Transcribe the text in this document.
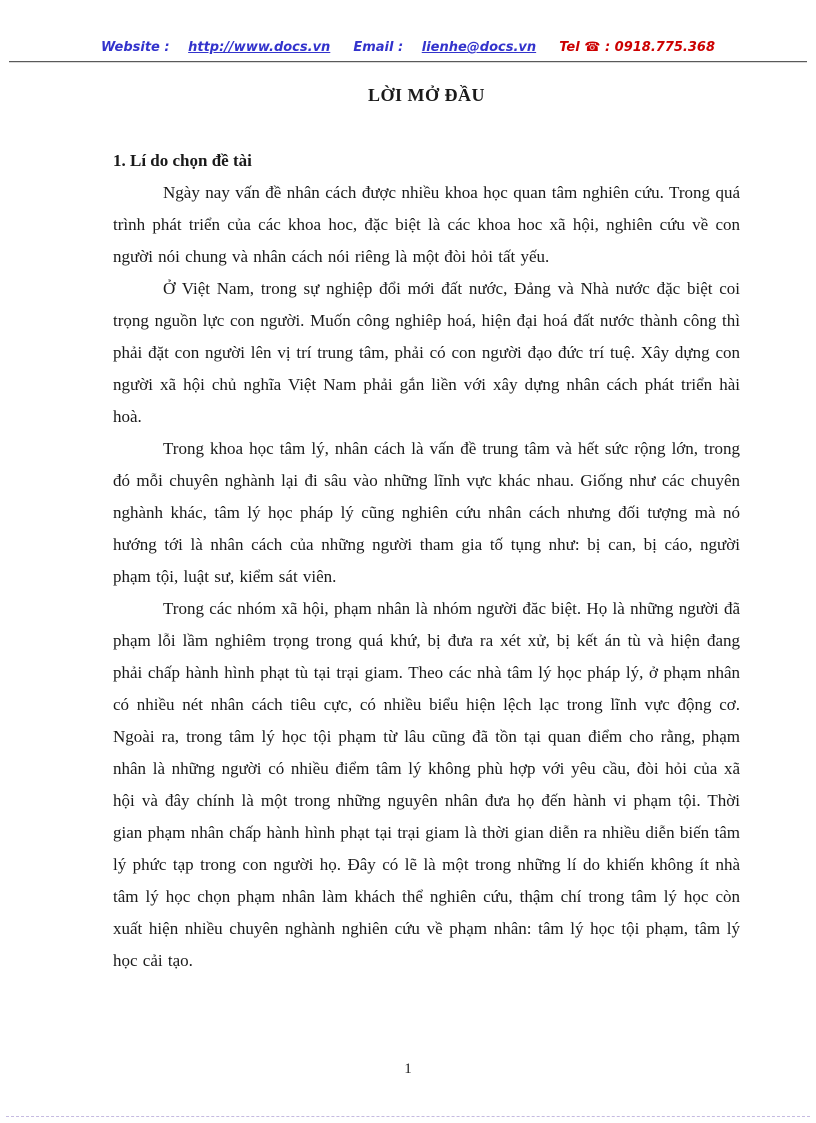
Website : http://www.docs.vn Email : lienhe@docs.vn Tel ☎ : 0918.775.368
LỜI MỞ ĐẦU
1. Lí do chọn đề tài

Ngày nay vấn đề nhân cách được nhiều khoa học quan tâm nghiên cứu. Trong quá trình phát triển của các khoa hoc, đặc biệt là các khoa hoc xã hội, nghiên cứu về con người nói chung và nhân cách nói riêng là một đòi hỏi tất yếu.

Ở Việt Nam, trong sự nghiệp đổi mới đất nước, Đảng và Nhà nước đặc biệt coi trọng nguồn lực con người. Muốn công nghiêp hoá, hiện đại hoá đất nước thành công thì phải đặt con người lên vị trí trung tâm, phải có con người đạo đức trí tuệ. Xây dựng con người xã hội chủ nghĩa Việt Nam phải gắn liền với xây dựng nhân cách phát triển hài hoà.

Trong khoa học tâm lý, nhân cách là vấn đề trung tâm và hết sức rộng lớn, trong đó mỗi chuyên nghành lại đi sâu vào những lĩnh vực khác nhau. Giống như các chuyên nghành khác, tâm lý học pháp lý cũng nghiên cứu nhân cách nhưng đối tượng mà nó hướng tới là nhân cách của những người tham gia tố tụng như: bị can, bị cáo, người phạm tội, luật sư, kiểm sát viên.

Trong các nhóm xã hội, phạm nhân là nhóm người đăc biệt. Họ là những người đã phạm lỗi lầm nghiêm trọng trong quá khứ, bị đưa ra xét xử, bị kết án tù và hiện đang phải chấp hành hình phạt tù tại trại giam. Theo các nhà tâm lý học pháp lý, ở phạm nhân có nhiều nét nhân cách tiêu cực, có nhiều biểu hiện lệch lạc trong lĩnh vực động cơ. Ngoài ra, trong tâm lý học tội phạm từ lâu cũng đã tồn tại quan điểm cho rằng, phạm nhân là những người có nhiều điểm tâm lý không phù hợp với yêu cầu, đòi hỏi của xã hội và đây chính là một trong những nguyên nhân đưa họ đến hành vi phạm tội. Thời gian phạm nhân chấp hành hình phạt tại trại giam là thời gian diễn ra nhiều diễn biến tâm lý phức tạp trong con người họ. Đây có lẽ là một trong những lí do khiến không ít nhà tâm lý học chọn phạm nhân làm khách thể nghiên cứu, thậm chí trong tâm lý học còn xuất hiện nhiều chuyên nghành nghiên cứu về phạm nhân: tâm lý học tội phạm, tâm lý học cải tạo.

1
